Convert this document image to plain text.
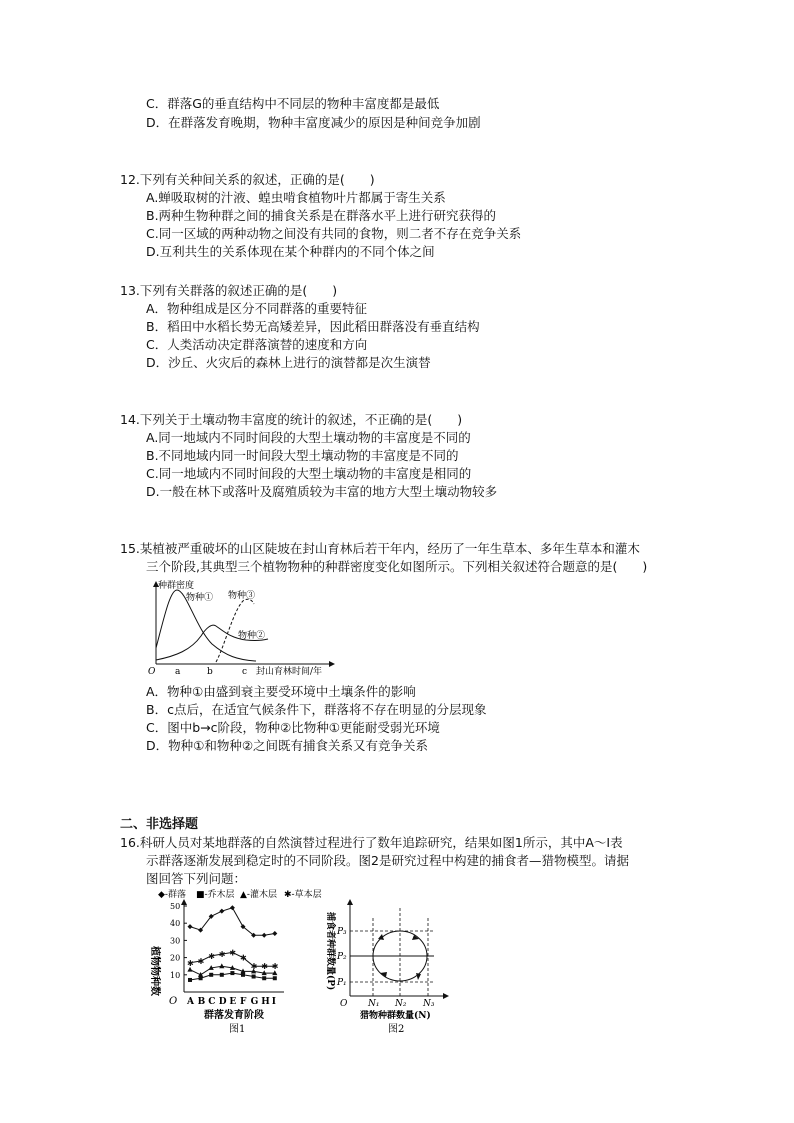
C．群落G的垂直结构中不同层的物种丰富度都是最低
D．在群落发育晚期，物种丰富度减少的原因是种间竞争加剧
12.下列有关种间关系的叙述，正确的是(　　)
A.蝉吸取树的汁液、蝗虫啃食植物叶片都属于寄生关系
B.两种生物种群之间的捕食关系是在群落水平上进行研究获得的
C.同一区域的两种动物之间没有共同的食物，则二者不存在竞争关系
D.互利共生的关系体现在某个种群内的不同个体之间
13.下列有关群落的叙述正确的是(　　)
A．物种组成是区分不同群落的重要特征
B．稻田中水稻长势无高矮差异，因此稻田群落没有垂直结构
C．人类活动决定群落演替的速度和方向
D．沙丘、火灾后的森林上进行的演替都是次生演替
14.下列关于土壤动物丰富度的统计的叙述，不正确的是(　　)
A.同一地域内不同时间段的大型土壤动物的丰富度是不同的
B.不同地域内同一时间段大型土壤动物的丰富度是不同的
C.同一地域内不同时间段的大型土壤动物的丰富度是相同的
D.一般在林下或落叶及腐殖质较为丰富的地方大型土壤动物较多
15.某植被严重破坏的山区陡坡在封山育林后若干年内，经历了一年生草本、多年生草本和灌木
三个阶段,其典型三个植物物种的种群密度变化如图所示。下列相关叙述符合题意的是(　　)
种群密度
O a	b	c 封山育林时间/年
物种①
物种②
物种③
A．物种①由盛到衰主要受环境中土壤条件的影响
B．c点后，在适宜气候条件下，群落将不存在明显的分层现象
C．图中b→c阶段，物种②比物种①更能耐受弱光环境
D．物种①和物种②之间既有捕食关系又有竞争关系
二、非选择题
16.科研人员对某地群落的自然演替过程进行了数年追踪研究，结果如图1所示，其中A～I表
示群落逐渐发展到稳定时的不同阶段。图2是研究过程中构建的捕食者—猎物模型。请据
图回答下列问题：
◆-群落 ■-乔木层 ▲-灌木层 ✱-草本层
植物物种数
50
40
30
20
10
A B C D E F G H I
✱ ✱
✱ ✱ ✱
✱
✱ ✱ ✱
O
群落发育阶段
图1
捕食者种群数量(P) P₃
P₂
P₁
O N₁ N₂ N₃
猎物种群数量(N)
图2
